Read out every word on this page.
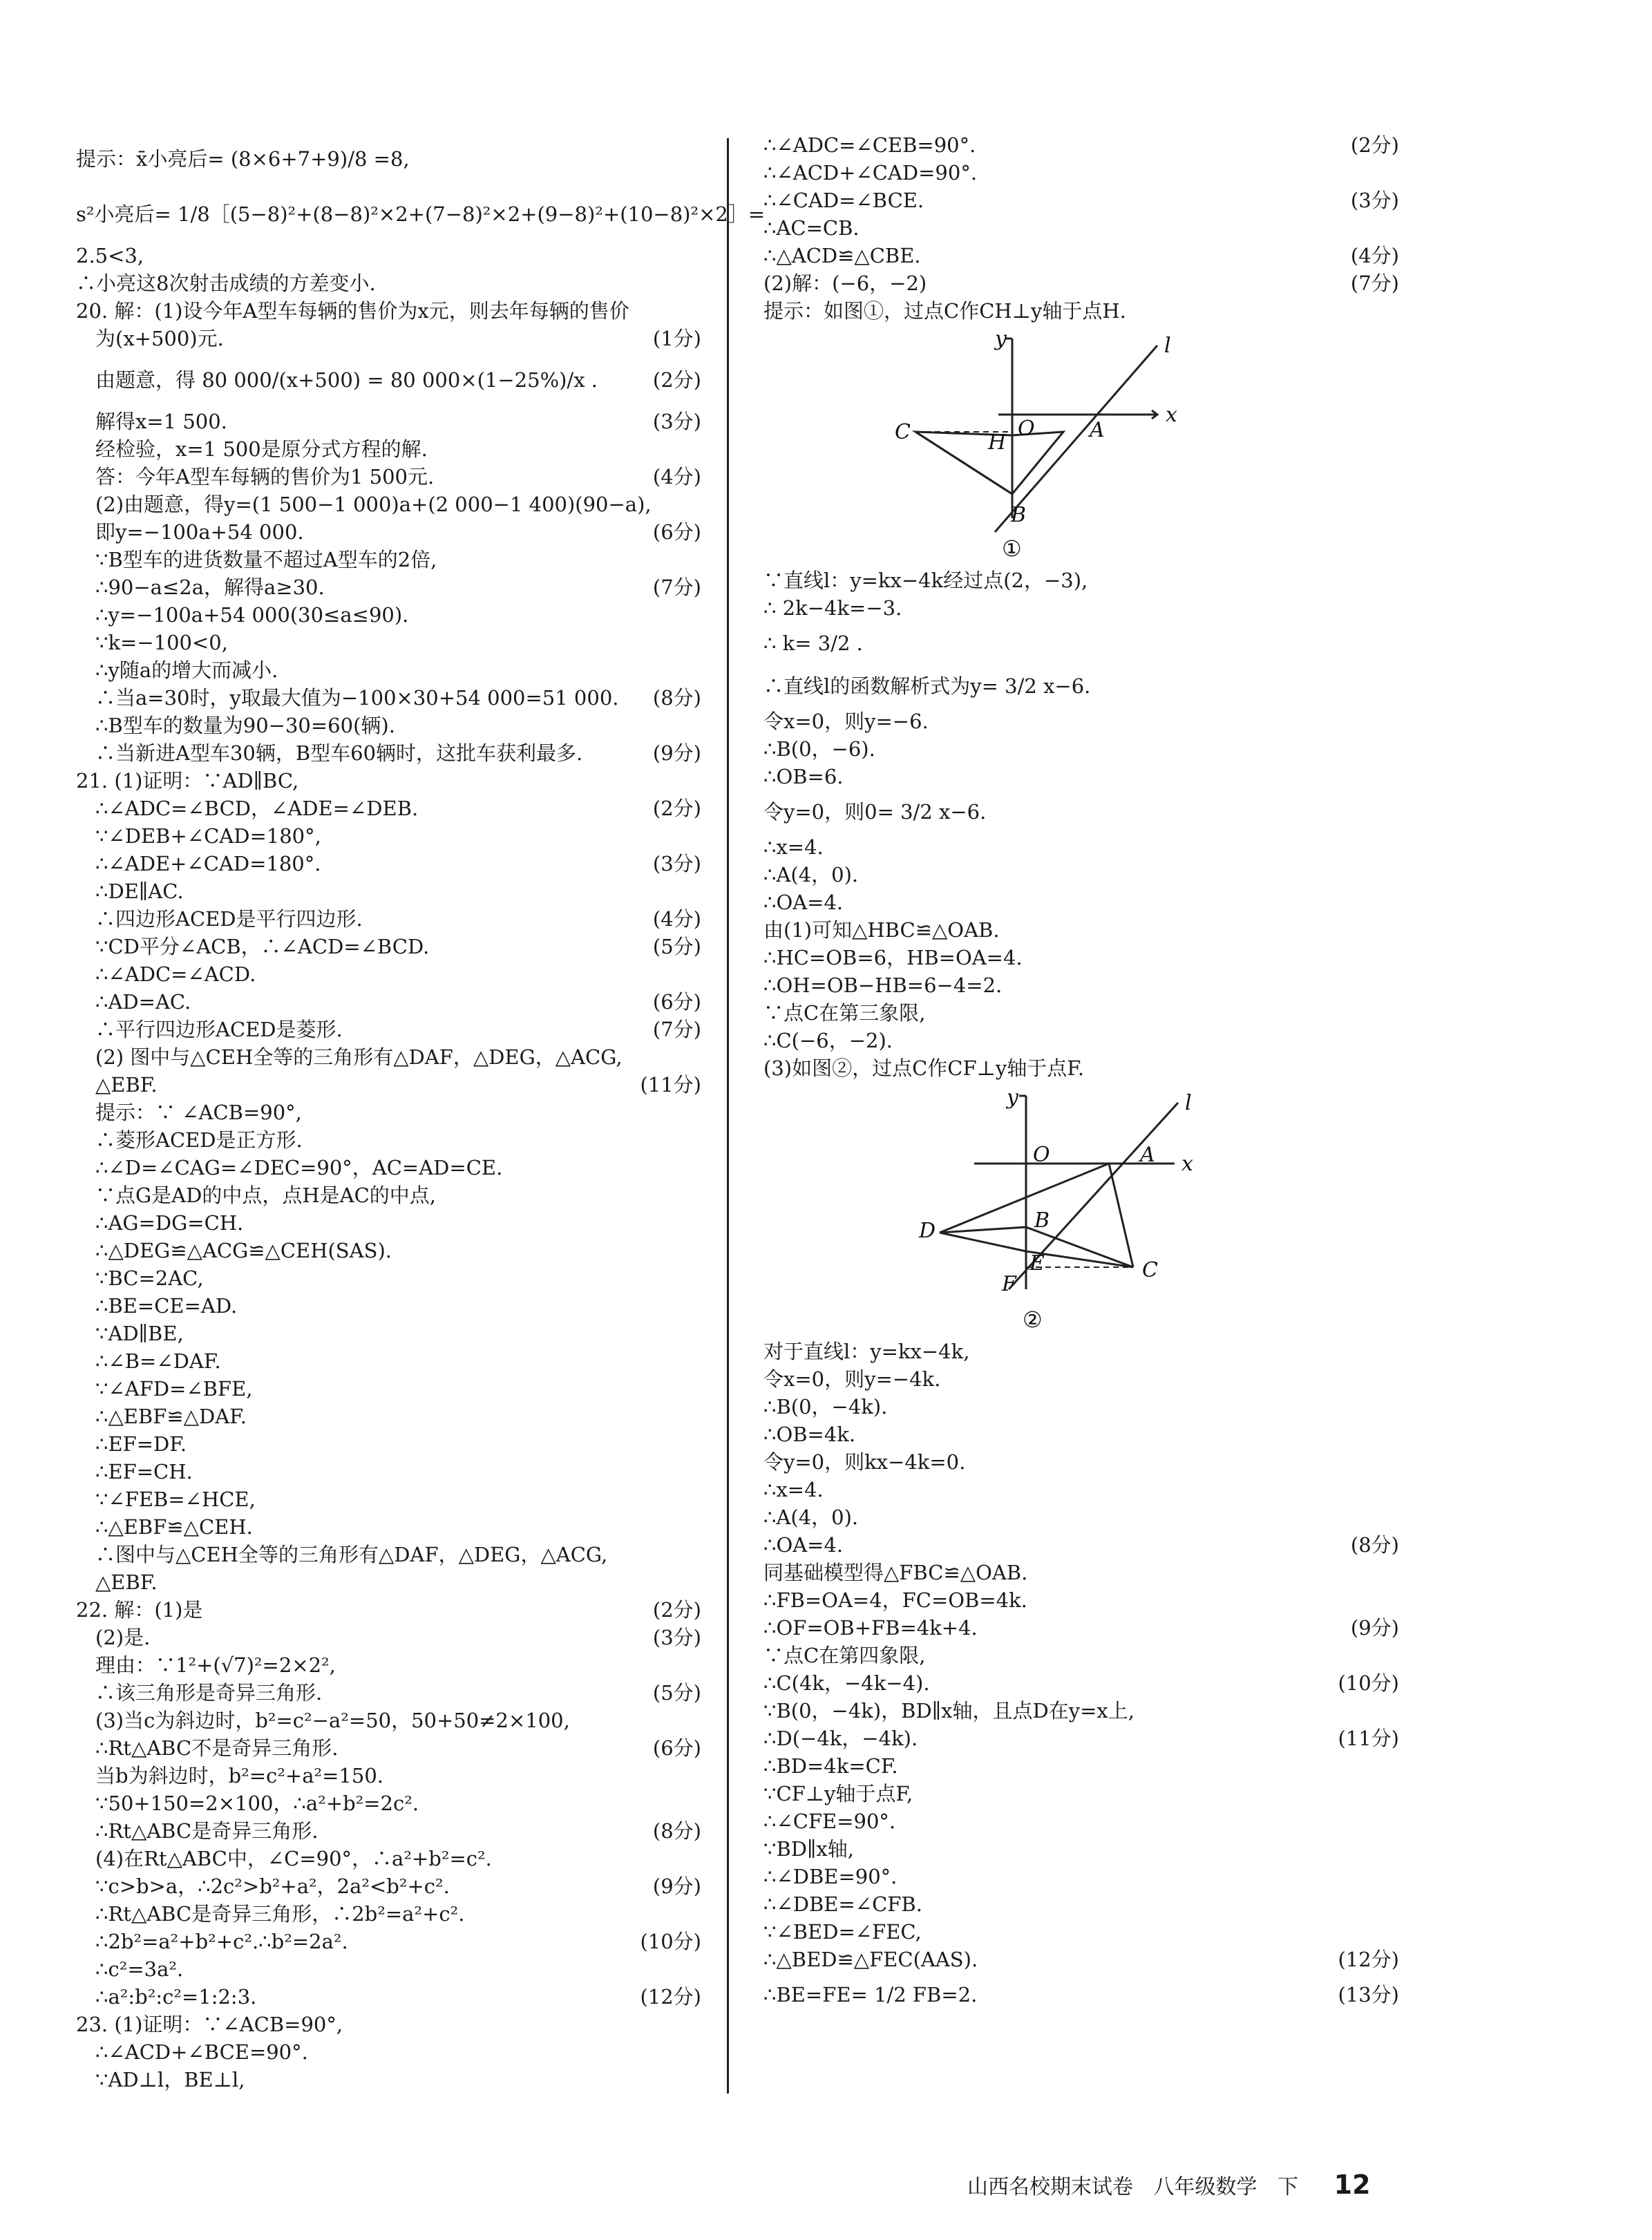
提示：x̄小亮后= (8×6+7+9)/8 =8,
s²小亮后= 1/8［(5−8)²+(8−8)²×2+(7−8)²×2+(9−8)²+(10−8)²×2］=
2.5<3,
∴小亮这8次射击成绩的方差变小.
20. 解：(1)设今年A型车每辆的售价为x元，则去年每辆的售价
为(x+500)元.	(1分)
由题意，得 80 000/(x+500) = 80 000×(1−25%)/x .	(2分)
解得x=1 500.	(3分)
经检验，x=1 500是原分式方程的解.
答：今年A型车每辆的售价为1 500元.	(4分)
(2)由题意，得y=(1 500−1 000)a+(2 000−1 400)(90−a),
即y=−100a+54 000.	(6分)
∵B型车的进货数量不超过A型车的2倍,
∴90−a≤2a，解得a≥30.	(7分)
∴y=−100a+54 000(30≤a≤90).
∵k=−100<0,
∴y随a的增大而减小.
∴当a=30时，y取最大值为−100×30+54 000=51 000. (8分)
∴B型车的数量为90−30=60(辆).
∴当新进A型车30辆，B型车60辆时，这批车获利最多.	(9分)
21. (1)证明：∵AD∥BC,
∴∠ADC=∠BCD，∠ADE=∠DEB.	(2分)
∵∠DEB+∠CAD=180°,
∴∠ADE+∠CAD=180°.	(3分)
∴DE∥AC.
∴四边形ACED是平行四边形.	(4分)
∵CD平分∠ACB，∴∠ACD=∠BCD.	(5分)
∴∠ADC=∠ACD.
∴AD=AC.	(6分)
∴平行四边形ACED是菱形.	(7分)
(2) 图中与△CEH全等的三角形有△DAF，△DEG，△ACG,
△EBF.	(11分)
提示：∵ ∠ACB=90°,
∴菱形ACED是正方形.
∴∠D=∠CAG=∠DEC=90°，AC=AD=CE.
∵点G是AD的中点，点H是AC的中点,
∴AG=DG=CH.
∴△DEG≌△ACG≌△CEH(SAS).
∵BC=2AC,
∴BE=CE=AD.
∵AD∥BE,
∴∠B=∠DAF.
∵∠AFD=∠BFE,
∴△EBF≌△DAF.
∴EF=DF.
∴EF=CH.
∵∠FEB=∠HCE,
∴△EBF≌△CEH.
∴图中与△CEH全等的三角形有△DAF，△DEG，△ACG,
△EBF.
22. 解：(1)是	(2分)
(2)是.	(3分)
理由：∵1²+(√7)²=2×2²,
∴该三角形是奇异三角形.	(5分)
(3)当c为斜边时，b²=c²−a²=50，50+50≠2×100,
∴Rt△ABC不是奇异三角形.	(6分)
当b为斜边时，b²=c²+a²=150.
∵50+150=2×100，∴a²+b²=2c².
∴Rt△ABC是奇异三角形.	(8分)
(4)在Rt△ABC中，∠C=90°，∴a²+b²=c².
∵c>b>a，∴2c²>b²+a²，2a²<b²+c².	(9分)
∴Rt△ABC是奇异三角形，∴2b²=a²+c².
∴2b²=a²+b²+c².∴b²=2a².	(10分)
∴c²=3a².
∴a²:b²:c²=1:2:3.	(12分)
23. (1)证明：∵∠ACB=90°,
∴∠ACD+∠BCE=90°.
∵AD⊥l，BE⊥l,
∴∠ADC=∠CEB=90°.	(2分)
∴∠ACD+∠CAD=90°.
∴∠CAD=∠BCE.	(3分)
∴AC=CB.
∴△ACD≌△CBE.	(4分)
(2)解：(−6，−2)	(7分)
提示：如图①，过点C作CH⊥y轴于点H.
y	l
x
C	H
O	A
B
①
∵直线l：y=kx−4k经过点(2，−3),
∴ 2k−4k=−3.
∴ k= 3/2 .
∴直线l的函数解析式为y= 3/2 x−6.
令x=0，则y=−6.
∴B(0，−6).
∴OB=6.
令y=0，则0= 3/2 x−6.
∴x=4.
∴A(4，0).
∴OA=4.
由(1)可知△HBC≌△OAB.
∴HC=OB=6，HB=OA=4.
∴OH=OB−HB=6−4=2.
∵点C在第三象限,
∴C(−6，−2).
(3)如图②，过点C作CF⊥y轴于点F.
y	l
x
O	A
D	B
F
E	C
②
对于直线l：y=kx−4k,
令x=0，则y=−4k.
∴B(0，−4k).
∴OB=4k.
令y=0，则kx−4k=0.
∴x=4.
∴A(4，0).
∴OA=4.	(8分)
同基础模型得△FBC≌△OAB.
∴FB=OA=4，FC=OB=4k.
∴OF=OB+FB=4k+4.	(9分)
∵点C在第四象限,
∴C(4k，−4k−4).	(10分)
∵B(0，−4k)，BD∥x轴，且点D在y=x上,
∴D(−4k，−4k).	(11分)
∴BD=4k=CF.
∵CF⊥y轴于点F,
∴∠CFE=90°.
∵BD∥x轴,
∴∠DBE=90°.
∴∠DBE=∠CFB.
∵∠BED=∠FEC,
∴△BED≌△FEC(AAS).	(12分)
∴BE=FE= 1/2 FB=2.	(13分)
山西名校期末试卷 八年级数学 下 12
